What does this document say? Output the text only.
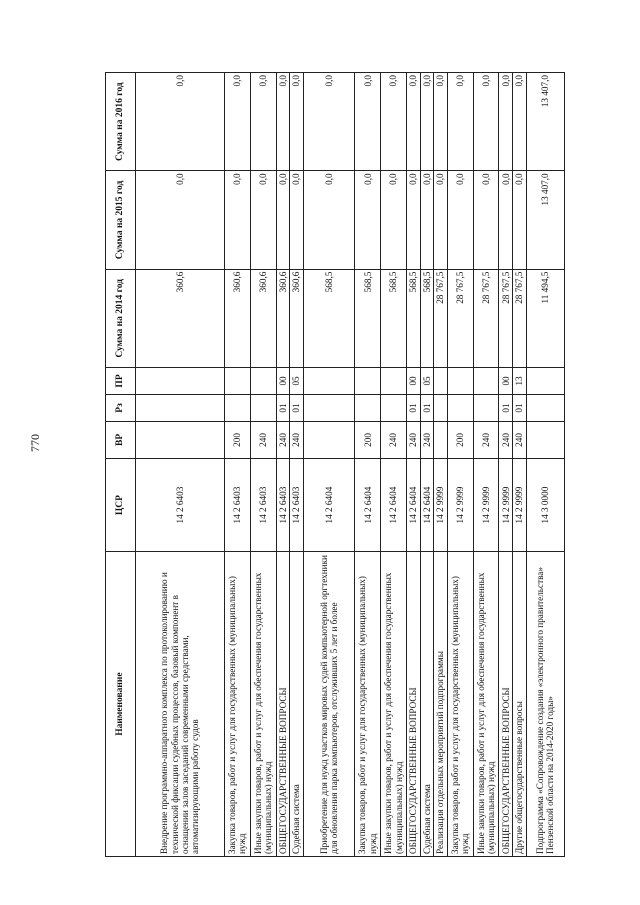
770
Наименование	ЦСР	ВР	Рз	ПР	Сумма на 2014 год	Сумма на 2015 год	Сумма на 2016 год
Внедрение программно-аппаратного комплекса по протоколированию и технической фиксации судебных процессов, базовый компонент в оснащении залов заседаний современными средствами, автоматизирующими работу судов	14 2 6403				360,6	0,0	0,0
Закупка товаров, работ и услуг для государственных (муниципальных) нужд	14 2 6403	200			360,6	0,0	0,0
Иные закупки товаров, работ и услуг для обеспечения государственных (муниципальных) нужд	14 2 6403	240			360,6	0,0	0,0
ОБЩЕГОСУДАРСТВЕННЫЕ ВОПРОСЫ	14 2 6403	240	01	00	360,6	0,0	0,0
Судебная система	14 2 6403	240	01	05	360,6	0,0	0,0
Приобретение для нужд участков мировых судей компьютерной оргтехники для обновления парка компьютеров, отслуживших 5 лет и более	14 2 6404				568,5	0,0	0,0
Закупка товаров, работ и услуг для государственных (муниципальных) нужд	14 2 6404	200			568,5	0,0	0,0
Иные закупки товаров, работ и услуг для обеспечения государственных (муниципальных) нужд	14 2 6404	240			568,5	0,0	0,0
ОБЩЕГОСУДАРСТВЕННЫЕ ВОПРОСЫ	14 2 6404	240	01	00	568,5	0,0	0,0
Судебная система	14 2 6404	240	01	05	568,5	0,0	0,0
Реализация отдельных мероприятий подпрограммы	14 2 9999				28 767,5	0,0	0,0
Закупка товаров, работ и услуг для государственных (муниципальных) нужд	14 2 9999	200			28 767,5	0,0	0,0
Иные закупки товаров, работ и услуг для обеспечения государственных (муниципальных) нужд	14 2 9999	240			28 767,5	0,0	0,0
ОБЩЕГОСУДАРСТВЕННЫЕ ВОПРОСЫ	14 2 9999	240	01	00	28 767,5	0,0	0,0
Другие общегосударственные вопросы	14 2 9999	240	01	13	28 767,5	0,0	0,0
Подпрограмма «Сопровождение создания «электронного правительства» Пензенской области на 2014-2020 годы»	14 3 0000				11 494,5	13 407,0	13 407,0
